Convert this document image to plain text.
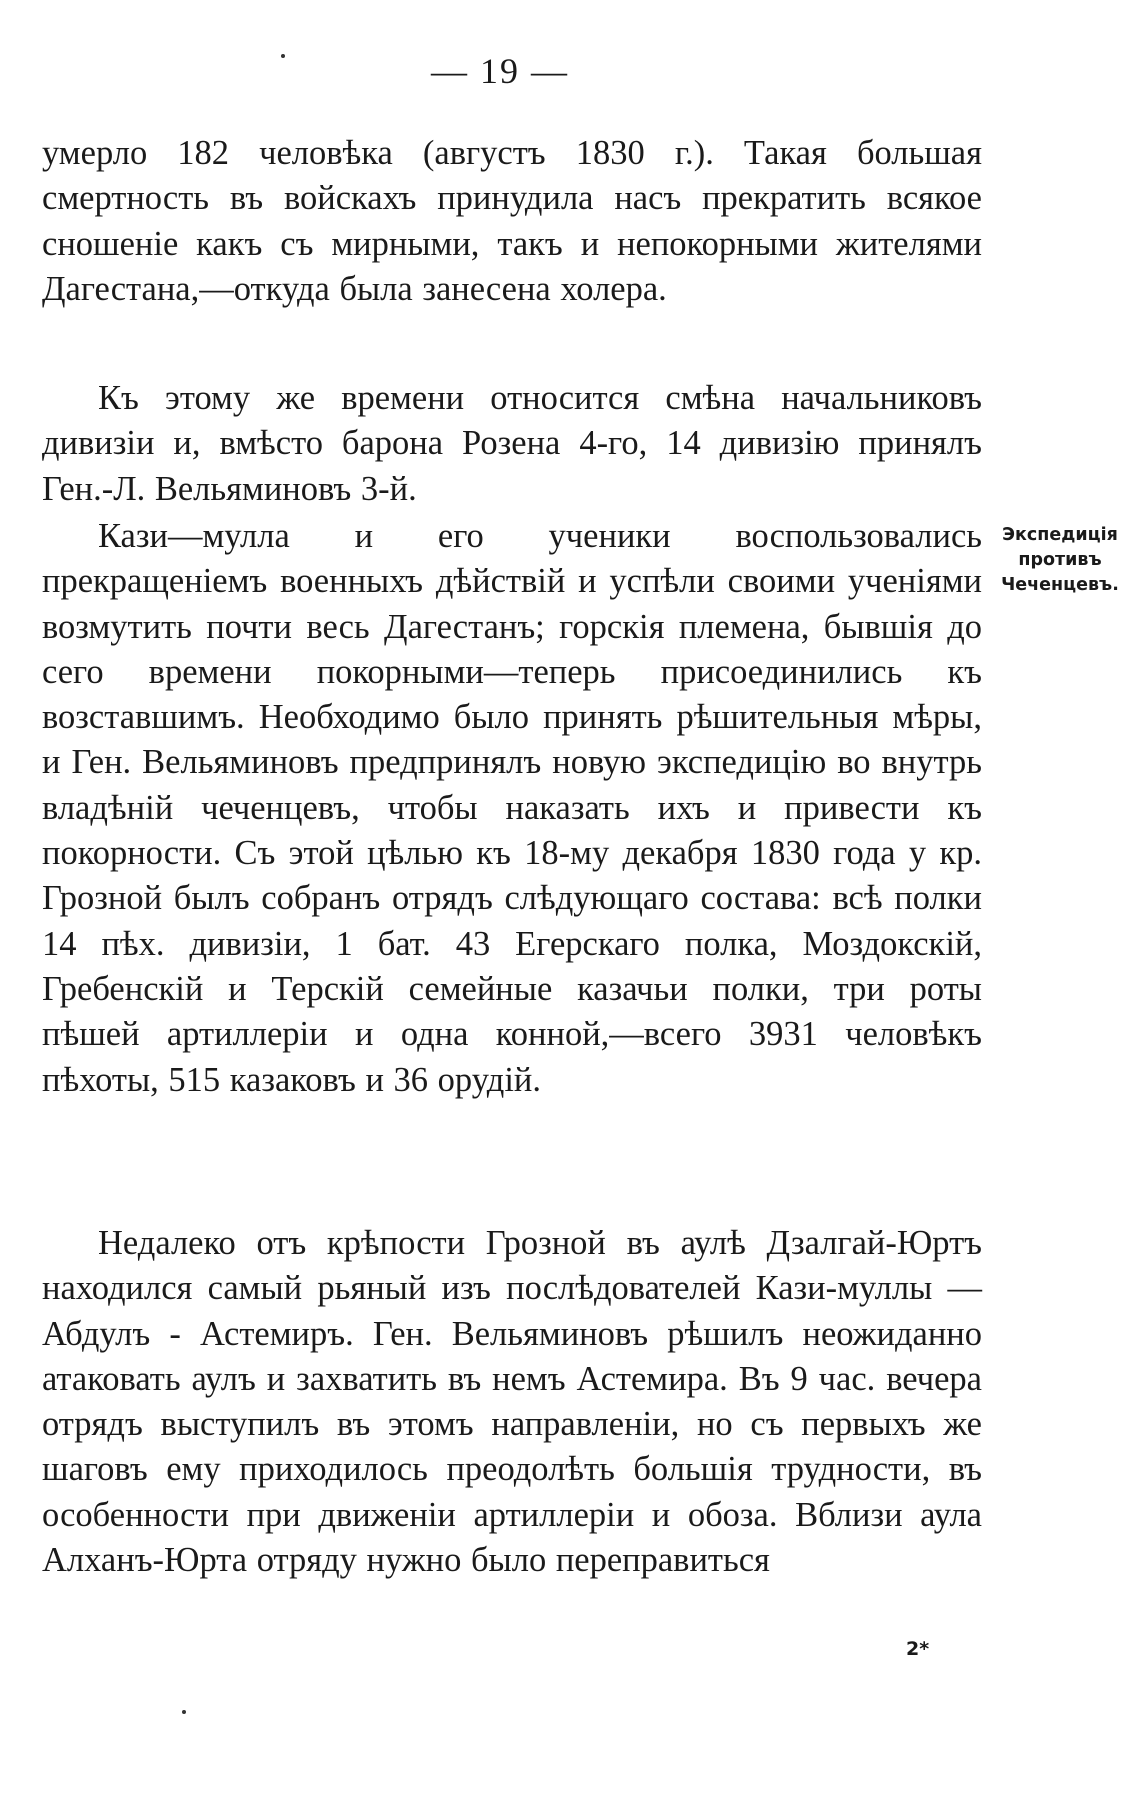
— 19 —

умерло 182 человѣка (августъ 1830 г.). Такая большая смертность въ войскахъ принудила насъ прекратить всякое сношеніе какъ съ мирными, такъ и непокорными жителями Дагестана,—откуда была занесена холера.

Къ этому же времени относится смѣна начальниковъ дивизіи и, вмѣсто барона Розена 4-го, 14 дивизію принялъ Ген.-Л. Вельяминовъ 3-й.

Кази—мулла и его ученики воспользовались прекращеніемъ военныхъ дѣйствій и успѣли своими ученіями возмутить почти весь Дагестанъ; горскія племена, бывшія до сего времени покорными—теперь присоединились къ возставшимъ. Необходимо было принять рѣшительныя мѣры, и Ген. Вельяминовъ предпринялъ новую экспедицію во внутрь владѣній чеченцевъ, чтобы наказать ихъ и привести къ покорности. Съ этой цѣлью къ 18-му декабря 1830 года у кр. Грозной былъ собранъ отрядъ слѣдующаго состава: всѣ полки 14 пѣх. дивизіи, 1 бат. 43 Егерскаго полка, Моздокскій, Гребенскій и Терскій семейные казачьи полки, три роты пѣшей артиллеріи и одна конной,—всего 3931 человѣкъ пѣхоты, 515 казаковъ и 36 орудій.

Недалеко отъ крѣпости Грозной въ аулѣ Дзалгай-Юртъ находился самый рьяный изъ послѣдователей Кази-муллы — Абдулъ - Астемиръ. Ген. Вельяминовъ рѣшилъ неожиданно атаковать аулъ и захватить въ немъ Астемира. Въ 9 час. вечера отрядъ выступилъ въ этомъ направленіи, но съ первыхъ же шаговъ ему приходилось преодолѣть большія трудности, въ особенности при движеніи артиллеріи и обоза. Вблизи аула Алханъ-Юрта отряду нужно было переправиться

Экспедиція
противъ
Чеченцевъ.
2*
